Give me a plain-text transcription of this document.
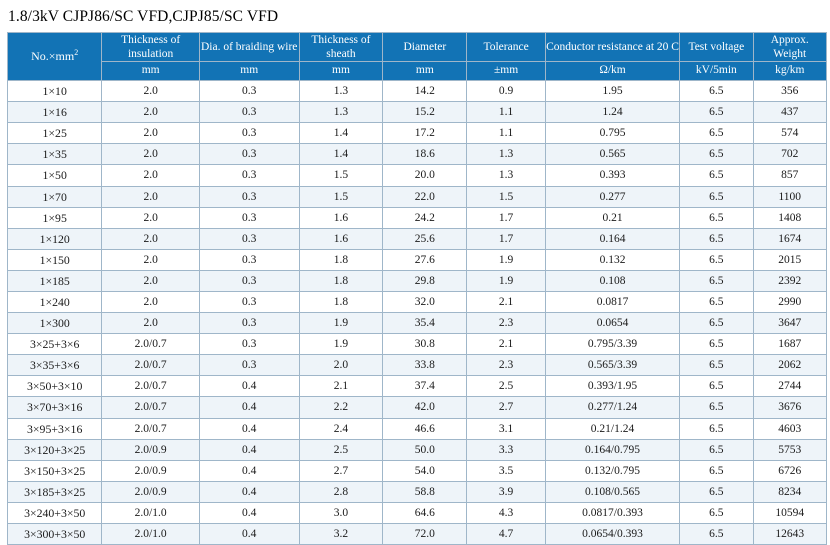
1.8/3kV CJPJ86/SC VFD,CJPJ85/SC VFD
$No.\times mm^2$	Thickness of insulation	Dia. of braiding wire	Thickness of sheath	Diameter	Tolerance	Conductor resistance at 20 C	Test voltage	Approx. Weight
	mm	mm	mm	mm	±mm	Ω/km	kV/5min	kg/km
1×10	2.0	0.3	1.3	14.2	0.9	1.95	6.5	356
1×16	2.0	0.3	1.3	15.2	1.1	1.24	6.5	437
1×25	2.0	0.3	1.4	17.2	1.1	0.795	6.5	574
1×35	2.0	0.3	1.4	18.6	1.3	0.565	6.5	702
1×50	2.0	0.3	1.5	20.0	1.3	0.393	6.5	857
1×70	2.0	0.3	1.5	22.0	1.5	0.277	6.5	1100
1×95	2.0	0.3	1.6	24.2	1.7	0.21	6.5	1408
1×120	2.0	0.3	1.6	25.6	1.7	0.164	6.5	1674
1×150	2.0	0.3	1.8	27.6	1.9	0.132	6.5	2015
1×185	2.0	0.3	1.8	29.8	1.9	0.108	6.5	2392
1×240	2.0	0.3	1.8	32.0	2.1	0.0817	6.5	2990
1×300	2.0	0.3	1.9	35.4	2.3	0.0654	6.5	3647
3×25+3×6	2.0/0.7	0.3	1.9	30.8	2.1	0.795/3.39	6.5	1687
3×35+3×6	2.0/0.7	0.3	2.0	33.8	2.3	0.565/3.39	6.5	2062
3×50+3×10	2.0/0.7	0.4	2.1	37.4	2.5	0.393/1.95	6.5	2744
3×70+3×16	2.0/0.7	0.4	2.2	42.0	2.7	0.277/1.24	6.5	3676
3×95+3×16	2.0/0.7	0.4	2.4	46.6	3.1	0.21/1.24	6.5	4603
3×120+3×25	2.0/0.9	0.4	2.5	50.0	3.3	0.164/0.795	6.5	5753
3×150+3×25	2.0/0.9	0.4	2.7	54.0	3.5	0.132/0.795	6.5	6726
3×185+3×25	2.0/0.9	0.4	2.8	58.8	3.9	0.108/0.565	6.5	8234
3×240+3×50	2.0/1.0	0.4	3.0	64.6	4.3	0.0817/0.393	6.5	10594
3×300+3×50	2.0/1.0	0.4	3.2	72.0	4.7	0.0654/0.393	6.5	12643
